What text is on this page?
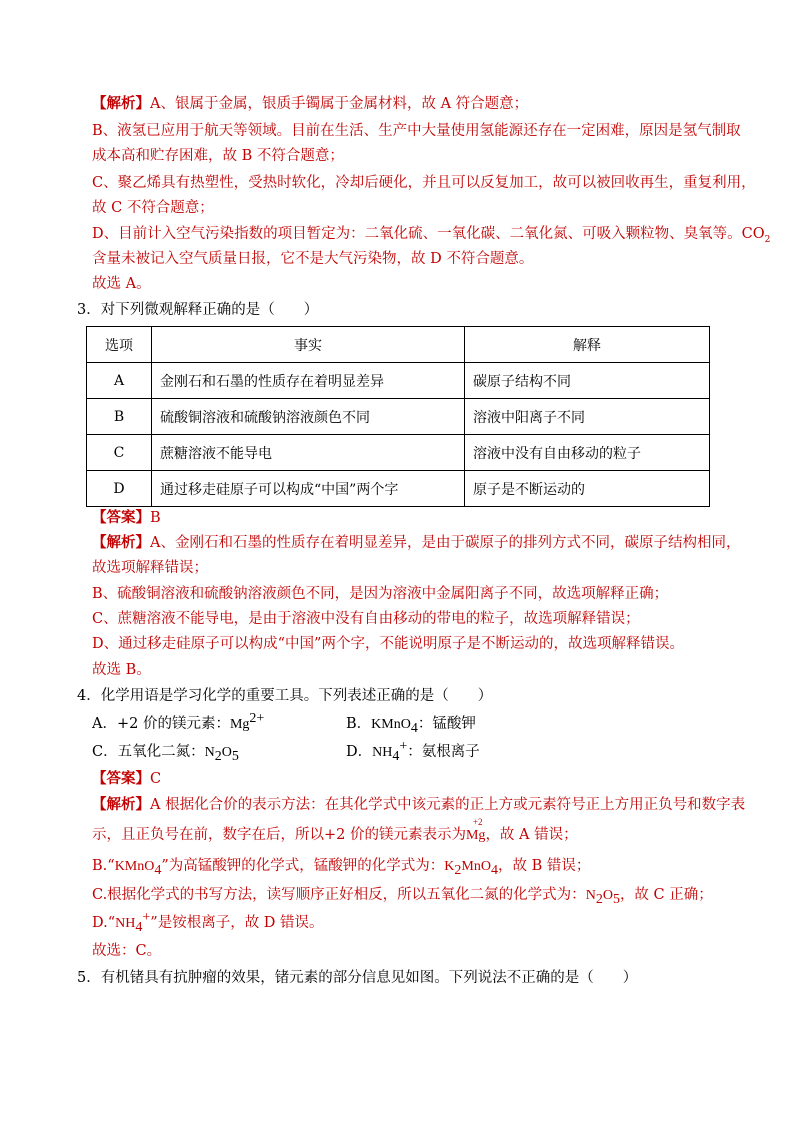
【解析】A、银属于金属，银质手镯属于金属材料，故 A 符合题意；
B、液氢已应用于航天等领域。目前在生活、生产中大量使用氢能源还存在一定困难，原因是氢气制取
成本高和贮存困难，故 B 不符合题意；
C、聚乙烯具有热塑性，受热时软化，冷却后硬化，并且可以反复加工，故可以被回收再生，重复利用，
故 C 不符合题意；
D、目前计入空气污染指数的项目暂定为：二氧化硫、一氧化碳、二氧化氮、可吸入颗粒物、臭氧等。$CO_2$
含量未被记入空气质量日报，它不是大气污染物，故 D 不符合题意。
故选 A。
3．对下列微观解释正确的是（　　）
选项	事实	解释
A	金刚石和石墨的性质存在着明显差异	碳原子结构不同
B	硫酸铜溶液和硫酸钠溶液颜色不同	溶液中阳离子不同
C	蔗糖溶液不能导电	溶液中没有自由移动的粒子
D	通过移走硅原子可以构成“中国”两个字	原子是不断运动的
【答案】B
【解析】A、金刚石和石墨的性质存在着明显差异，是由于碳原子的排列方式不同，碳原子结构相同，
故选项解释错误；
B、硫酸铜溶液和硫酸钠溶液颜色不同，是因为溶液中金属阳离子不同，故选项解释正确；
C、蔗糖溶液不能导电，是由于溶液中没有自由移动的带电的粒子，故选项解释错误；
D、通过移走硅原子可以构成“中国”两个字，不能说明原子是不断运动的，故选项解释错误。
故选 B。
4．化学用语是学习化学的重要工具。下列表述正确的是（　　）
A．+2 价的镁元素：$Mg^{2+}$	B．KMnO$_4$：锰酸钾
C．五氧化二氮：$N_2O_5$	D．$NH_4^+$：氨根离子
【答案】C
【解析】A 根据化合价的表示方法：在其化学式中该元素的正上方或元素符号正上方用正负号和数字表
示，且正负号在前，数字在后，所以+2 价的镁元素表示为
+2
Mg，故 A 错误；
B.“KMnO$_4$”为高锰酸钾的化学式，锰酸钾的化学式为：$K_2MnO_4$，故 B 错误；
C.根据化学式的书写方法，读写顺序正好相反，所以五氧化二氮的化学式为：$N_2O_5$，故 C 正确；
$D.“NH_4^+$”是铵根离子，故 D 错误。
故选：C。
5．有机锗具有抗肿瘤的效果，锗元素的部分信息见如图。下列说法不正确的是（　　）
